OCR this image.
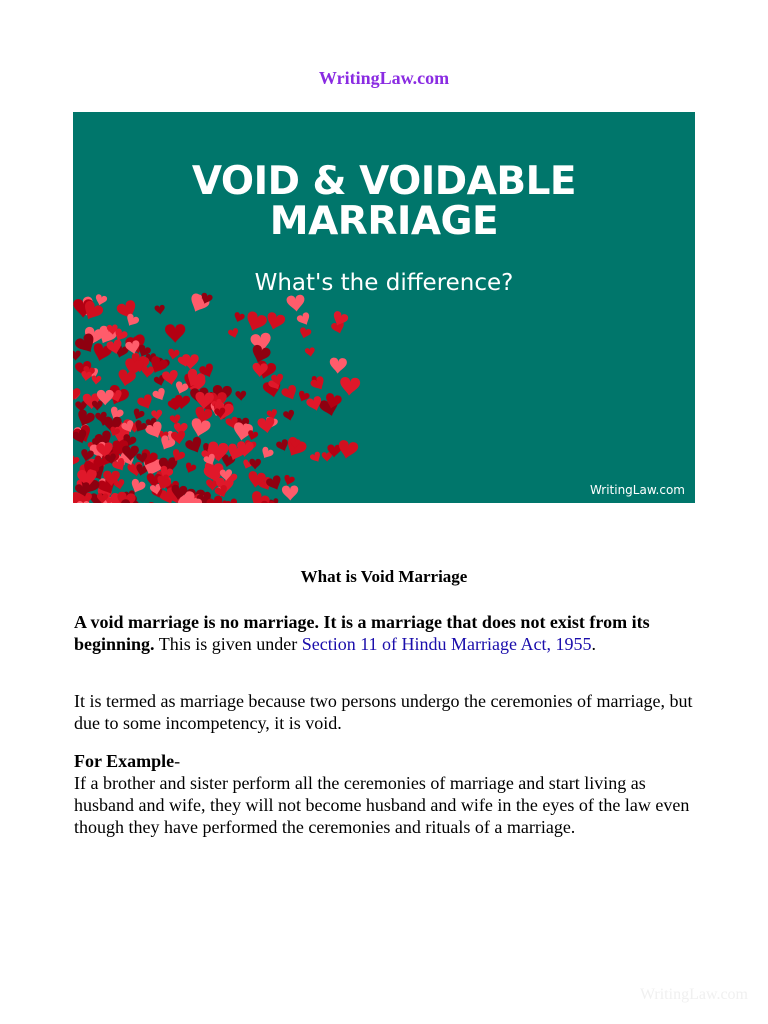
WritingLaw.com
VOID & VOIDABLE
MARRIAGE
What's the difference?
WritingLaw.com
What is Void Marriage

A void marriage is no marriage. It is a marriage that does not exist from its beginning. This is given under Section 11 of Hindu Marriage Act, 1955.

It is termed as marriage because two persons undergo the ceremonies of marriage, but due to some incompetency, it is void.

For Example-
If a brother and sister perform all the ceremonies of marriage and start living as husband and wife, they will not become husband and wife in the eyes of the law even though they have performed the ceremonies and rituals of a marriage.

WritingLaw.com
